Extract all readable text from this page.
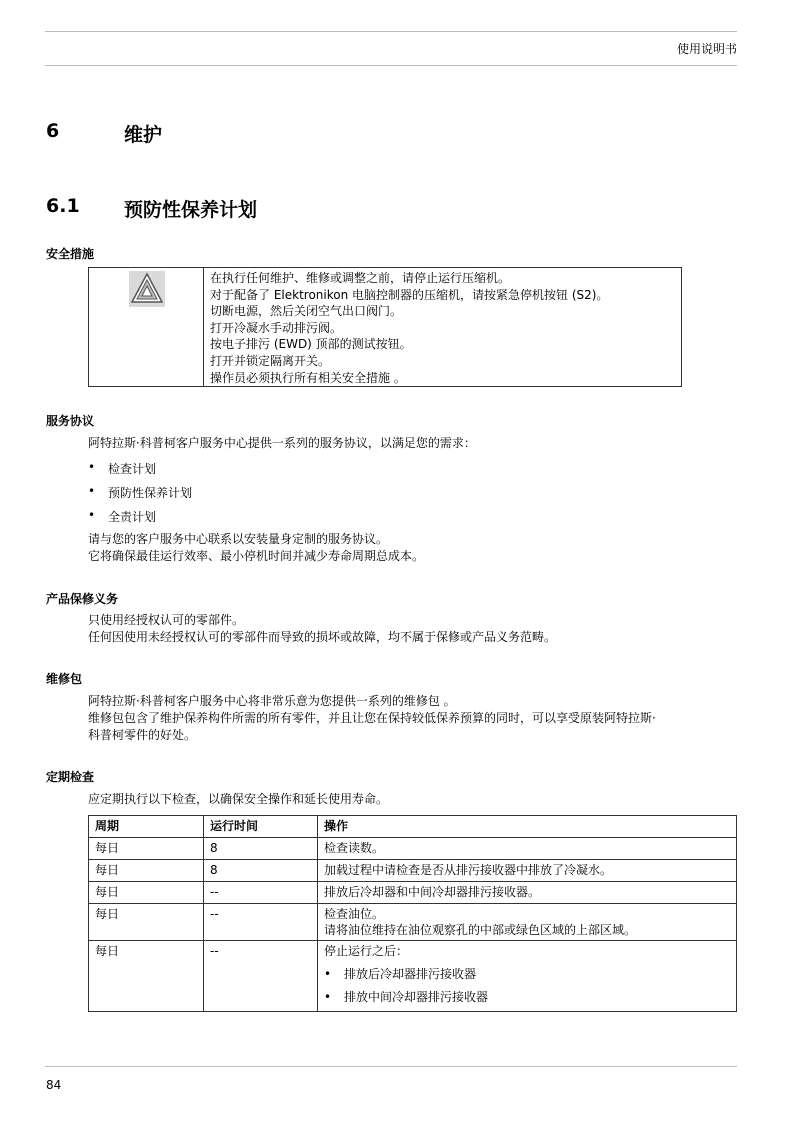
使用说明书
6	维护
6.1 预防性保养计划
安全措施
在执行任何维护、维修或调整之前，请停止运行压缩机。
对于配备了 Elektronikon 电脑控制器的压缩机，请按紧急停机按钮 (S2)。
切断电源，然后关闭空气出口阀门。
打开冷凝水手动排污阀。
按电子排污 (EWD) 顶部的测试按钮。
打开并锁定隔离开关。
操作员必须执行所有相关安全措施 。
服务协议
阿特拉斯·科普柯客户服务中心提供一系列的服务协议，以满足您的需求：
• 检查计划
• 预防性保养计划
• 全责计划
请与您的客户服务中心联系以安装量身定制的服务协议。
它将确保最佳运行效率、最小停机时间并减少寿命周期总成本。
产品保修义务
只使用经授权认可的零部件。
任何因使用未经授权认可的零部件而导致的损坏或故障，均不属于保修或产品义务范畴。
维修包
阿特拉斯·科普柯客户服务中心将非常乐意为您提供一系列的维修包 。
维修包包含了维护保养构件所需的所有零件，并且让您在保持较低保养预算的同时，可以享受原装阿特拉斯·
科普柯零件的好处。
定期检查
应定期执行以下检查，以确保安全操作和延长使用寿命。
周期	运行时间	操作
每日	8	检查读数。
每日	8	加载过程中请检查是否从排污接收器中排放了冷凝水。
每日	--	排放后冷却器和中间冷却器排污接收器。
每日	--	检查油位。
请将油位维持在油位观察孔的中部或绿色区域的上部区域。

每日	--	停止运行之后：
• 排放后冷却器排污接收器
• 排放中间冷却器排污接收器
84
